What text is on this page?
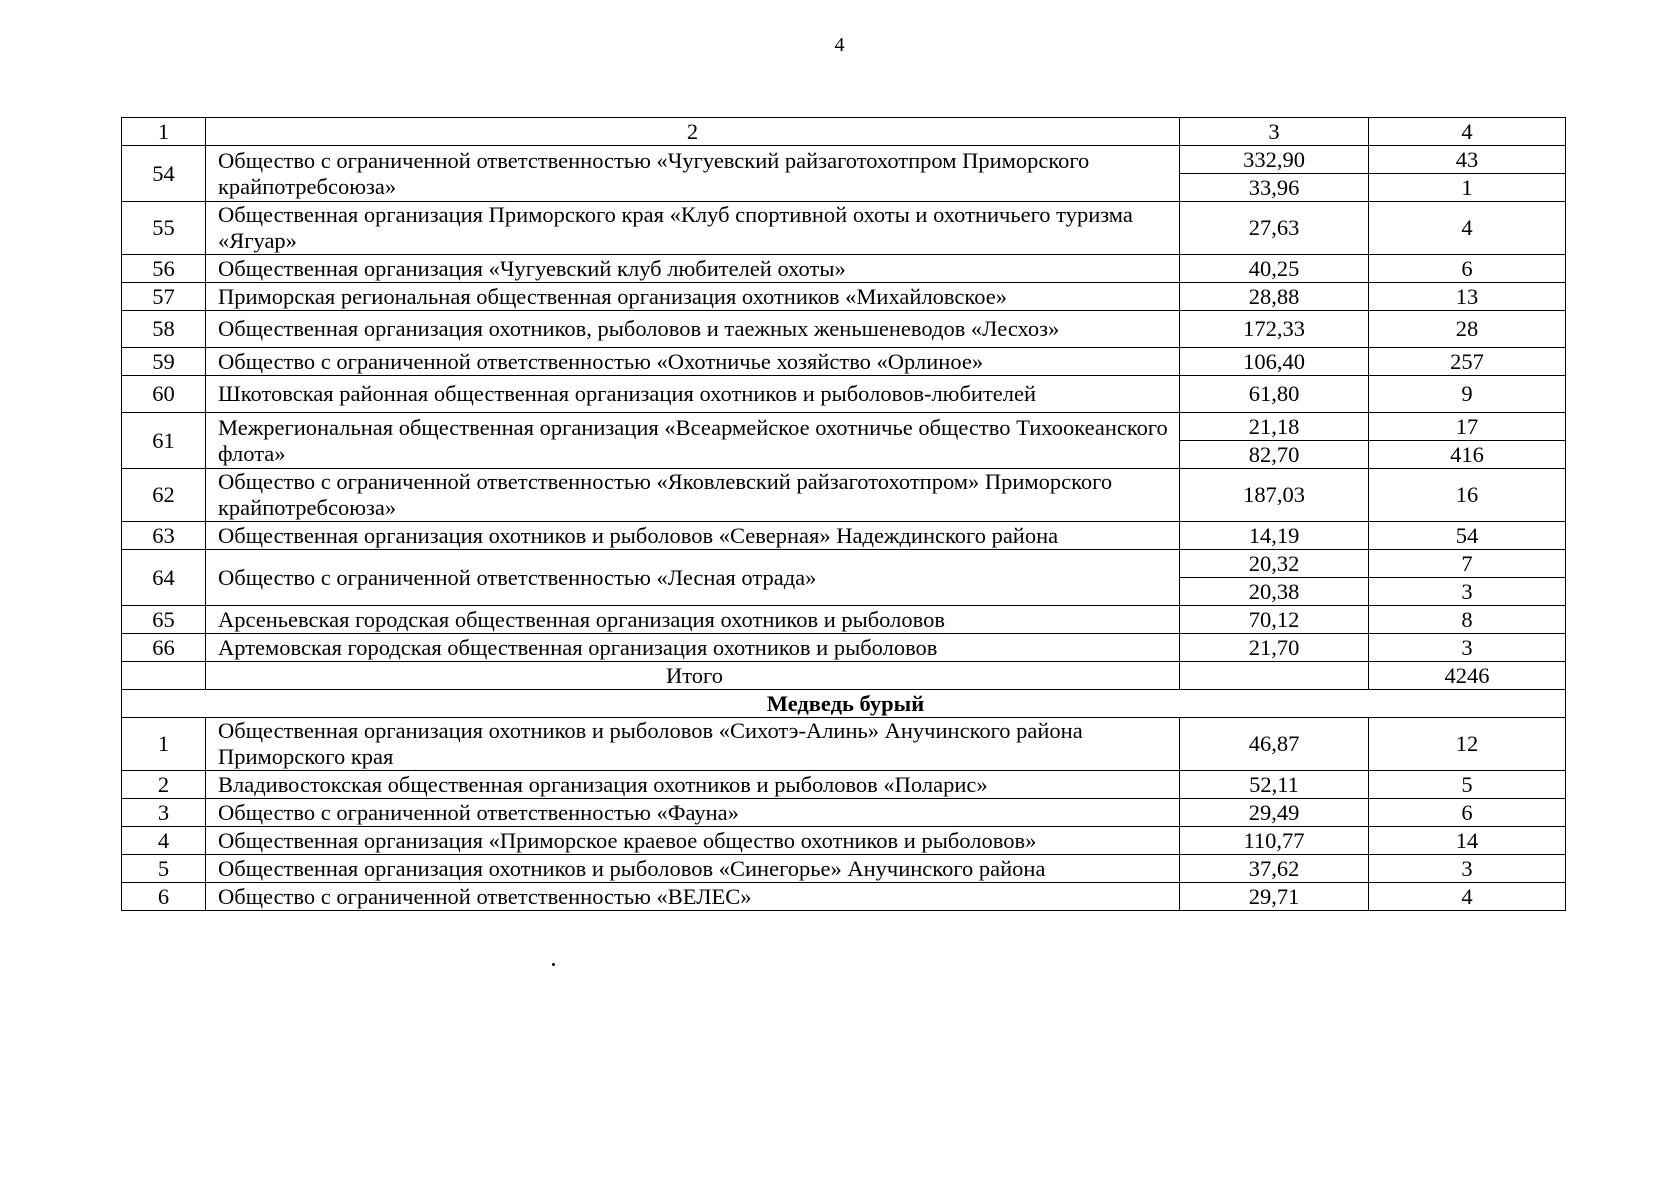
4
1	2	3	4
54	Общество с ограниченной ответственностью «Чугуевский райзаготохотпром Приморского крайпотребсоюза»	332,90	43
		33,96	1
55	Общественная организация Приморского края «Клуб спортивной охоты и охотничьего туризма «Ягуар»	27,63	4
56	Общественная организация «Чугуевский клуб любителей охоты»	40,25	6
57	Приморская региональная общественная организация охотников «Михайловское»	28,88	13
58	Общественная организация охотников, рыболовов и таежных женьшеневодов «Лесхоз»	172,33	28
59	Общество с ограниченной ответственностью «Охотничье хозяйство «Орлиное»	106,40	257
60	Шкотовская районная общественная организация охотников и рыболовов-любителей	61,80	9
61	Межрегиональная общественная организация «Всеармейское охотничье общество Тихоокеанского флота»	21,18	17
		82,70	416
62	Общество с ограниченной ответственностью «Яковлевский райзаготохотпром» Приморского крайпотребсоюза»	187,03	16
63	Общественная организация охотников и рыболовов «Северная» Надеждинского района	14,19	54
64	Общество с ограниченной ответственностью «Лесная отрада»	20,32	7
		20,38	3
65	Арсеньевская городская общественная организация охотников и рыболовов	70,12	8
66	Артемовская городская общественная организация охотников и рыболовов	21,70	3
	Итого		4246
Медведь бурый			
1	Общественная организация охотников и рыболовов «Сихотэ-Алинь» Анучинского района Приморского края	46,87	12
2	Владивостокская общественная организация охотников и рыболовов «Поларис»	52,11	5
3	Общество с ограниченной ответственностью «Фауна»	29,49	6
4	Общественная организация «Приморское краевое общество охотников и рыболовов»	110,77	14
5	Общественная организация охотников и рыболовов «Синегорье» Анучинского района	37,62	3
6	Общество с ограниченной ответственностью «ВЕЛЕС»	29,71	4
